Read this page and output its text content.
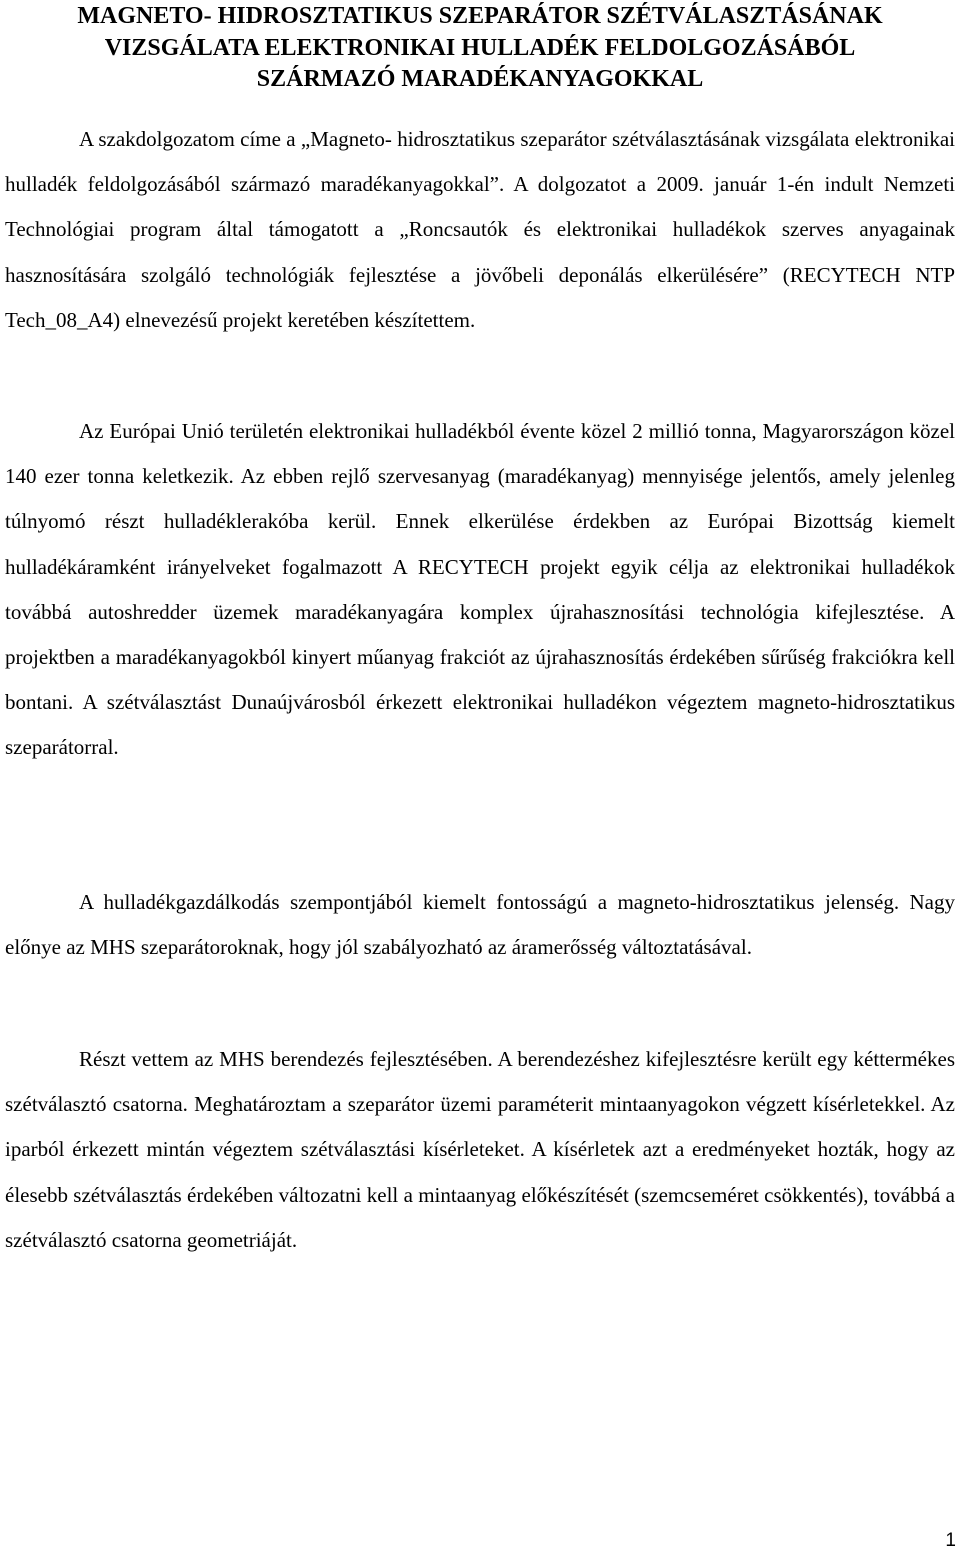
MAGNETO- HIDROSZTATIKUS SZEPARÁTOR SZÉTVÁLASZTÁSÁNAK
VIZSGÁLATA ELEKTRONIKAI HULLADÉK FELDOLGOZÁSÁBÓL
SZÁRMAZÓ MARADÉKANYAGOKKAL

A szakdolgozatom címe a „Magneto- hidrosztatikus szeparátor szétválasztásának vizsgálata elektronikai hulladék feldolgozásából származó maradékanyagokkal”. A dolgozatot a 2009. január 1-én indult Nemzeti Technológiai program által támogatott a „Roncsautók és elektronikai hulladékok szerves anyagainak hasznosítására szolgáló technológiák fejlesztése a jövőbeli deponálás elkerülésére” (RECYTECH NTP Tech_08_A4) elnevezésű projekt keretében készítettem.

Az Európai Unió területén elektronikai hulladékból évente közel 2 millió tonna, Magyarországon közel 140 ezer tonna keletkezik. Az ebben rejlő szervesanyag (maradékanyag) mennyisége jelentős, amely jelenleg túlnyomó részt hulladéklerakóba kerül. Ennek elkerülése érdekben az Európai Bizottság kiemelt hulladékáramként irányelveket fogalmazott A RECYTECH projekt egyik célja az elektronikai hulladékok továbbá autoshredder üzemek maradékanyagára komplex újrahasznosítási technológia kifejlesztése. A projektben a maradékanyagokból kinyert műanyag frakciót az újrahasznosítás érdekében sűrűség frakciókra kell bontani. A szétválasztást Dunaújvárosból érkezett elektronikai hulladékon végeztem magneto-hidrosztatikus szeparátorral.

A hulladékgazdálkodás szempontjából kiemelt fontosságú a magneto-hidrosztatikus jelenség. Nagy előnye az MHS szeparátoroknak, hogy jól szabályozható az áramerősség változtatásával.

Részt vettem az MHS berendezés fejlesztésében. A berendezéshez kifejlesztésre került egy kéttermékes szétválasztó csatorna. Meghatároztam a szeparátor üzemi paraméterit mintaanyagokon végzett kísérletekkel. Az iparból érkezett mintán végeztem szétválasztási kísérleteket. A kísérletek azt a eredményeket hozták, hogy az élesebb szétválasztás érdekében változatni kell a mintaanyag előkészítését (szemcseméret csökkentés), továbbá a szétválasztó csatorna geometriáját.

1
